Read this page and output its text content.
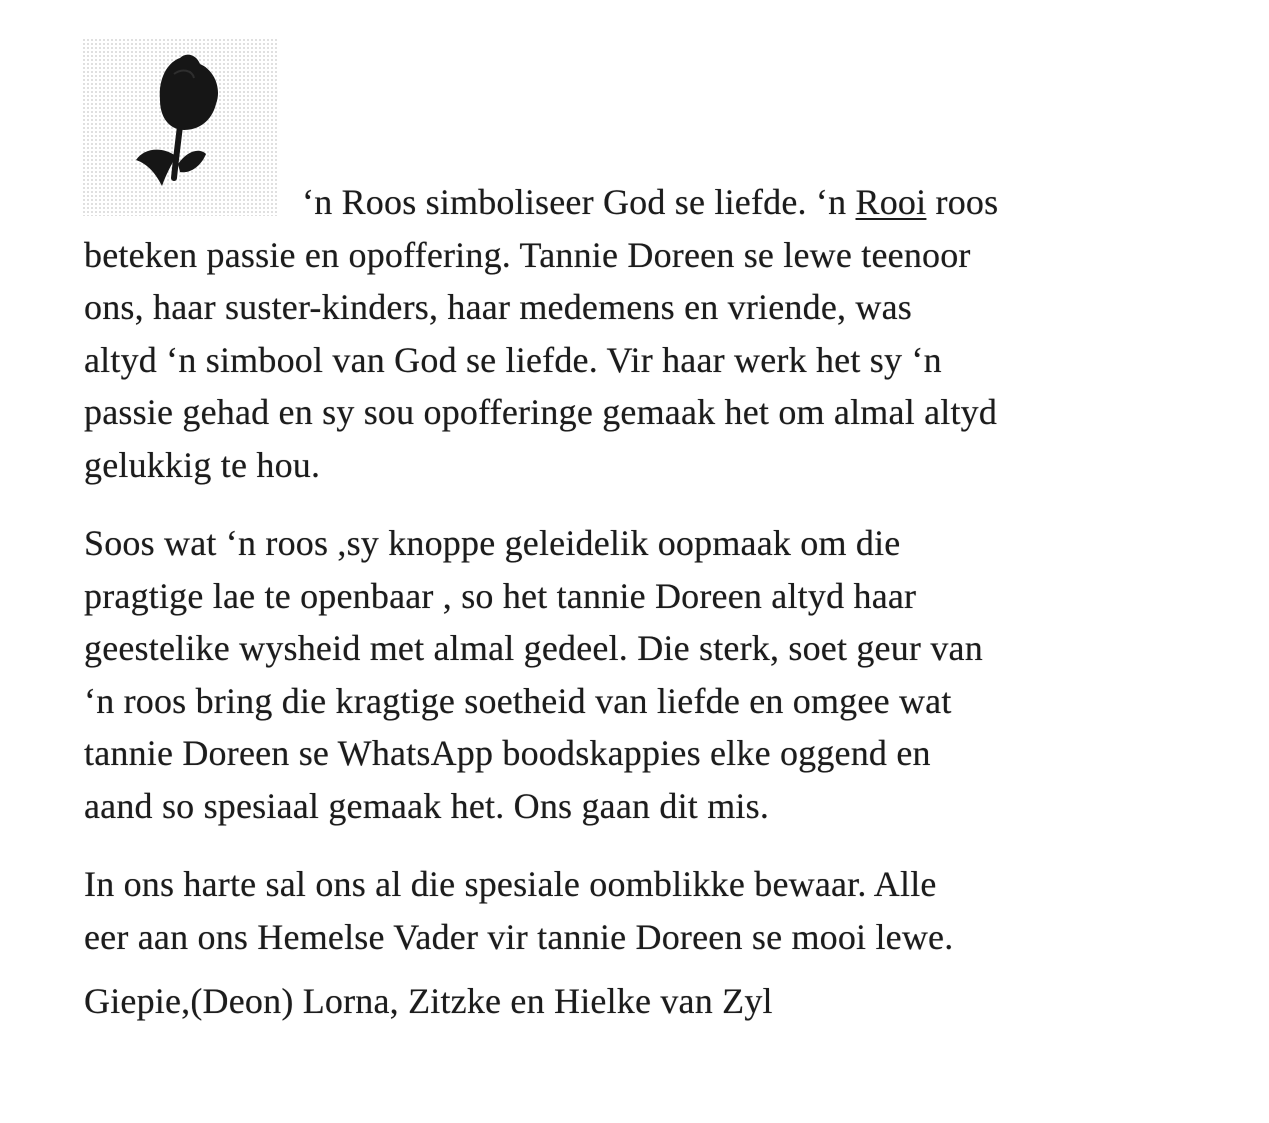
‘n Roos simboliseer God se liefde. ‘n Rooi roos
beteken passie en opoffering. Tannie Doreen se lewe teenoor
ons, haar suster-kinders, haar medemens en vriende, was
altyd ‘n simbool van God se liefde. Vir haar werk het sy ‘n
passie gehad en sy sou opofferinge gemaak het om almal altyd
gelukkig te hou.
Soos wat ‘n roos ,sy knoppe geleidelik oopmaak om die
pragtige lae te openbaar , so het tannie Doreen altyd haar
geestelike wysheid met almal gedeel. Die sterk, soet geur van
‘n roos bring die kragtige soetheid van liefde en omgee wat
tannie Doreen se WhatsApp boodskappies elke oggend en
aand so spesiaal gemaak het. Ons gaan dit mis.
In ons harte sal ons al die spesiale oomblikke bewaar. Alle
eer aan ons Hemelse Vader vir tannie Doreen se mooi lewe.
Giepie,(Deon) Lorna, Zitzke en Hielke van Zyl
